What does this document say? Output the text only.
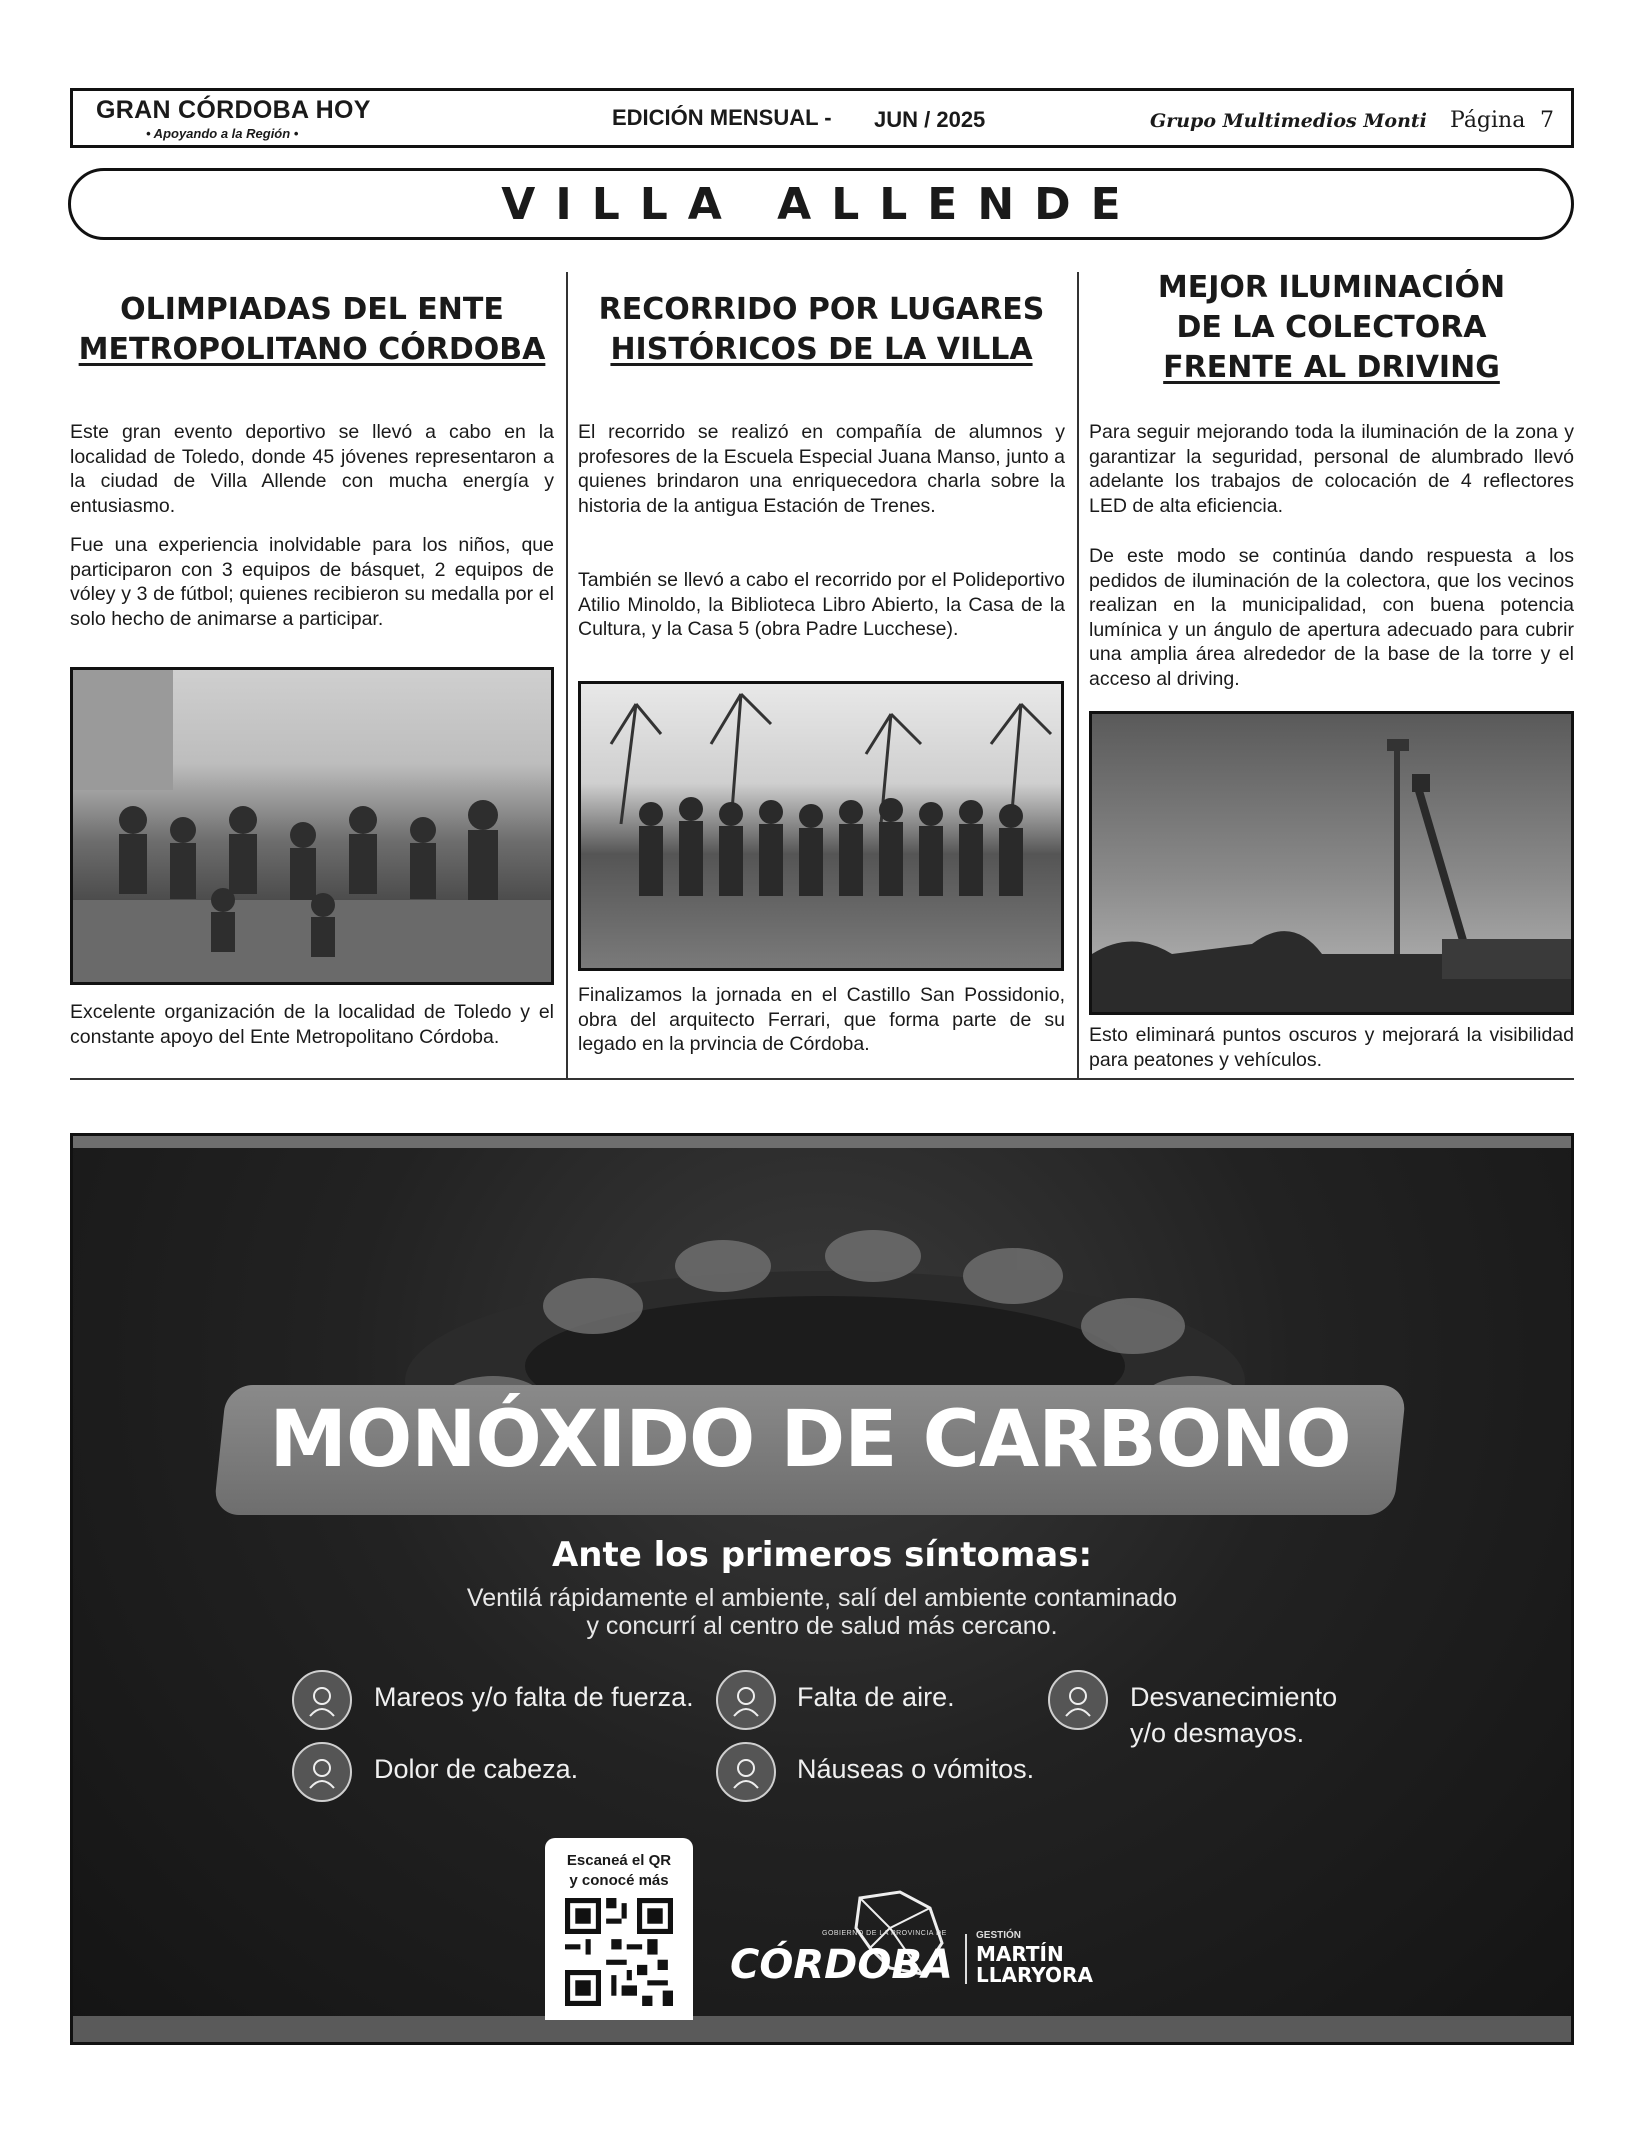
GRAN CÓRDOBA HOY
• Apoyando a la Región •
EDICIÓN MENSUAL - JUN / 2025	Grupo Multimedios Monti Página 7
VILLA ALLENDE
OLIMPIADAS DEL ENTE
METROPOLITANO CÓRDOBA
Este gran evento deportivo se llevó a cabo en la localidad de Toledo, donde 45 jóvenes representaron a la ciudad de Villa Allende con mucha energía y entusiasmo.
Fue una experiencia inolvidable para los niños, que participaron con 3 equipos de básquet, 2 equipos de vóley y 3 de fútbol; quienes recibieron su medalla por el solo hecho de animarse a participar.
Excelente organización de la localidad de Toledo y el constante apoyo del Ente Metropolitano Córdoba.
RECORRIDO POR LUGARES
HISTÓRICOS DE LA VILLA
El recorrido se realizó en compañía de alumnos y profesores de la Escuela Especial Juana Manso, junto a quienes brindaron una enriquecedora charla sobre la historia de la antigua Estación de Trenes.
También se llevó a cabo el recorrido por el Polideportivo Atilio Minoldo, la Biblioteca Libro Abierto, la Casa de la Cultura, y la Casa 5 (obra Padre Lucchese).
Finalizamos la jornada en el Castillo San Possidonio, obra del arquitecto Ferrari, que forma parte de su legado en la prvincia de Córdoba.
MEJOR ILUMINACIÓN
DE LA COLECTORA
FRENTE AL DRIVING
Para seguir mejorando toda la iluminación de la zona y garantizar la seguridad, personal de alumbrado llevó adelante los trabajos de colocación de 4 reflectores LED de alta eficiencia.
De este modo se continúa dando respuesta a los pedidos de iluminación de la colectora, que los vecinos realizan en la municipalidad, con buena potencia lumínica y un ángulo de apertura adecuado para cubrir una amplia área alrededor de la base de la torre y el acceso al driving.
Esto eliminará puntos oscuros y mejorará la visibilidad para peatones y vehículos.
MONÓXIDO DE CARBONO
Ante los primeros síntomas:
Ventilá rápidamente el ambiente, salí del ambiente contaminado
y concurrí al centro de salud más cercano.
Mareos y/o falta de fuerza.	Falta de aire.	Desvanecimiento
y/o desmayos.
Dolor de cabeza.	Náuseas o vómitos.
Escaneá el QR
y conocé más
GOBIERNO DE LA PROVINCIA DE
CÓRDOBA
GESTIÓN
MARTÍN
LLARYORA
